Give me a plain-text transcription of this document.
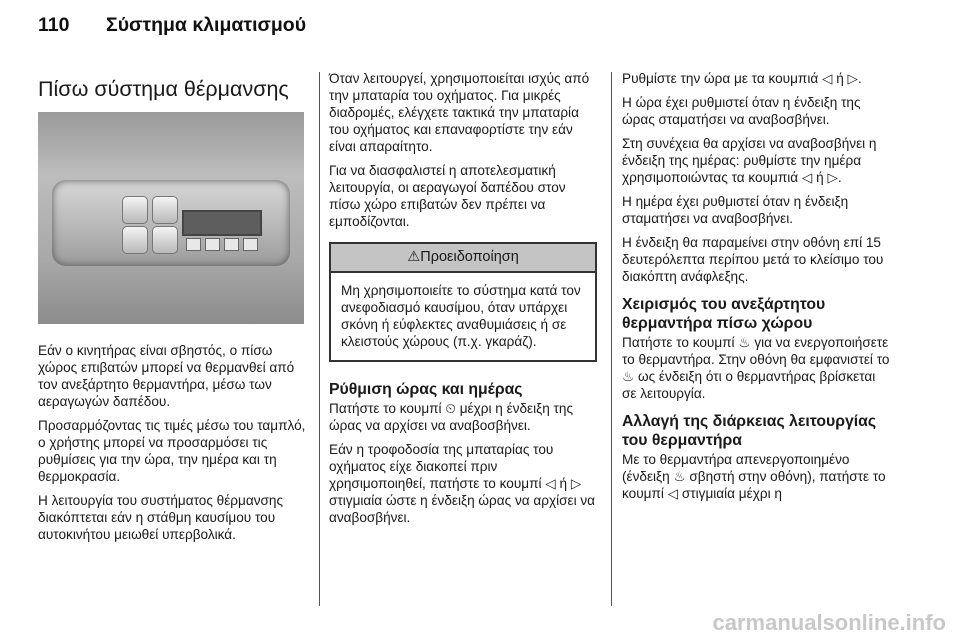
110 Σύστημα κλιματισμού
Πίσω σύστημα θέρμανσης

Εάν ο κινητήρας είναι σβηστός, ο πίσω χώρος επιβατών μπορεί να θερμανθεί από τον ανεξάρτητο θερμαντήρα, μέσω των αεραγωγών δαπέδου.

Προσαρμόζοντας τις τιμές μέσω του ταμπλό, ο χρήστης μπορεί να προσαρμόσει τις ρυθμίσεις για την ώρα, την ημέρα και τη θερμοκρασία.

Η λειτουργία του συστήματος θέρμανσης διακόπτεται εάν η στάθμη καυσίμου του αυτοκινήτου μειωθεί υπερβολικά.

Όταν λειτουργεί, χρησιμοποιείται ισχύς από την μπαταρία του οχήματος. Για μικρές διαδρομές, ελέγχετε τακτικά την μπαταρία του οχήματος και επαναφορτίστε την εάν είναι απαραίτητο.

Για να διασφαλιστεί η αποτελεσματική λειτουργία, οι αεραγωγοί δαπέδου στον πίσω χώρο επιβατών δεν πρέπει να εμποδίζονται.

⚠Προειδοποίηση
Μη χρησιμοποιείτε το σύστημα κατά τον ανεφοδιασμό καυσίμου, όταν υπάρχει σκόνη ή εύφλεκτες αναθυμιάσεις ή σε κλειστούς χώρους (π.χ. γκαράζ).
Ρύθμιση ώρας και ημέρας

Πατήστε το κουμπί ⏲ μέχρι η ένδειξη της ώρας να αρχίσει να αναβοσβήνει.

Εάν η τροφοδοσία της μπαταρίας του οχήματος είχε διακοπεί πριν χρησιμοποιηθεί, πατήστε το κουμπί ◁ ή ▷ στιγμιαία ώστε η ένδειξη ώρας να αρχίσει να αναβοσβήνει.

Ρυθμίστε την ώρα με τα κουμπιά ◁ ή ▷.

Η ώρα έχει ρυθμιστεί όταν η ένδειξη της ώρας σταματήσει να αναβοσβήνει.

Στη συνέχεια θα αρχίσει να αναβοσβήνει η ένδειξη της ημέρας: ρυθμίστε την ημέρα χρησιμοποιώντας τα κουμπιά ◁ ή ▷.

Η ημέρα έχει ρυθμιστεί όταν η ένδειξη σταματήσει να αναβοσβήνει.

Η ένδειξη θα παραμείνει στην οθόνη επί 15 δευτερόλεπτα περίπου μετά το κλείσιμο του διακόπτη ανάφλεξης.

Χειρισμός του ανεξάρτητου θερμαντήρα πίσω χώρου

Πατήστε το κουμπί ♨ για να ενεργοποιήσετε το θερμαντήρα. Στην οθόνη θα εμφανιστεί το ♨ ως ένδειξη ότι ο θερμαντήρας βρίσκεται σε λειτουργία.

Αλλαγή της διάρκειας λειτουργίας του θερμαντήρα

Με το θερμαντήρα απενεργοποιημένο (ένδειξη ♨ σβηστή στην οθόνη), πατήστε το κουμπί ◁ στιγμιαία μέχρι η

carmanualsonline.info
